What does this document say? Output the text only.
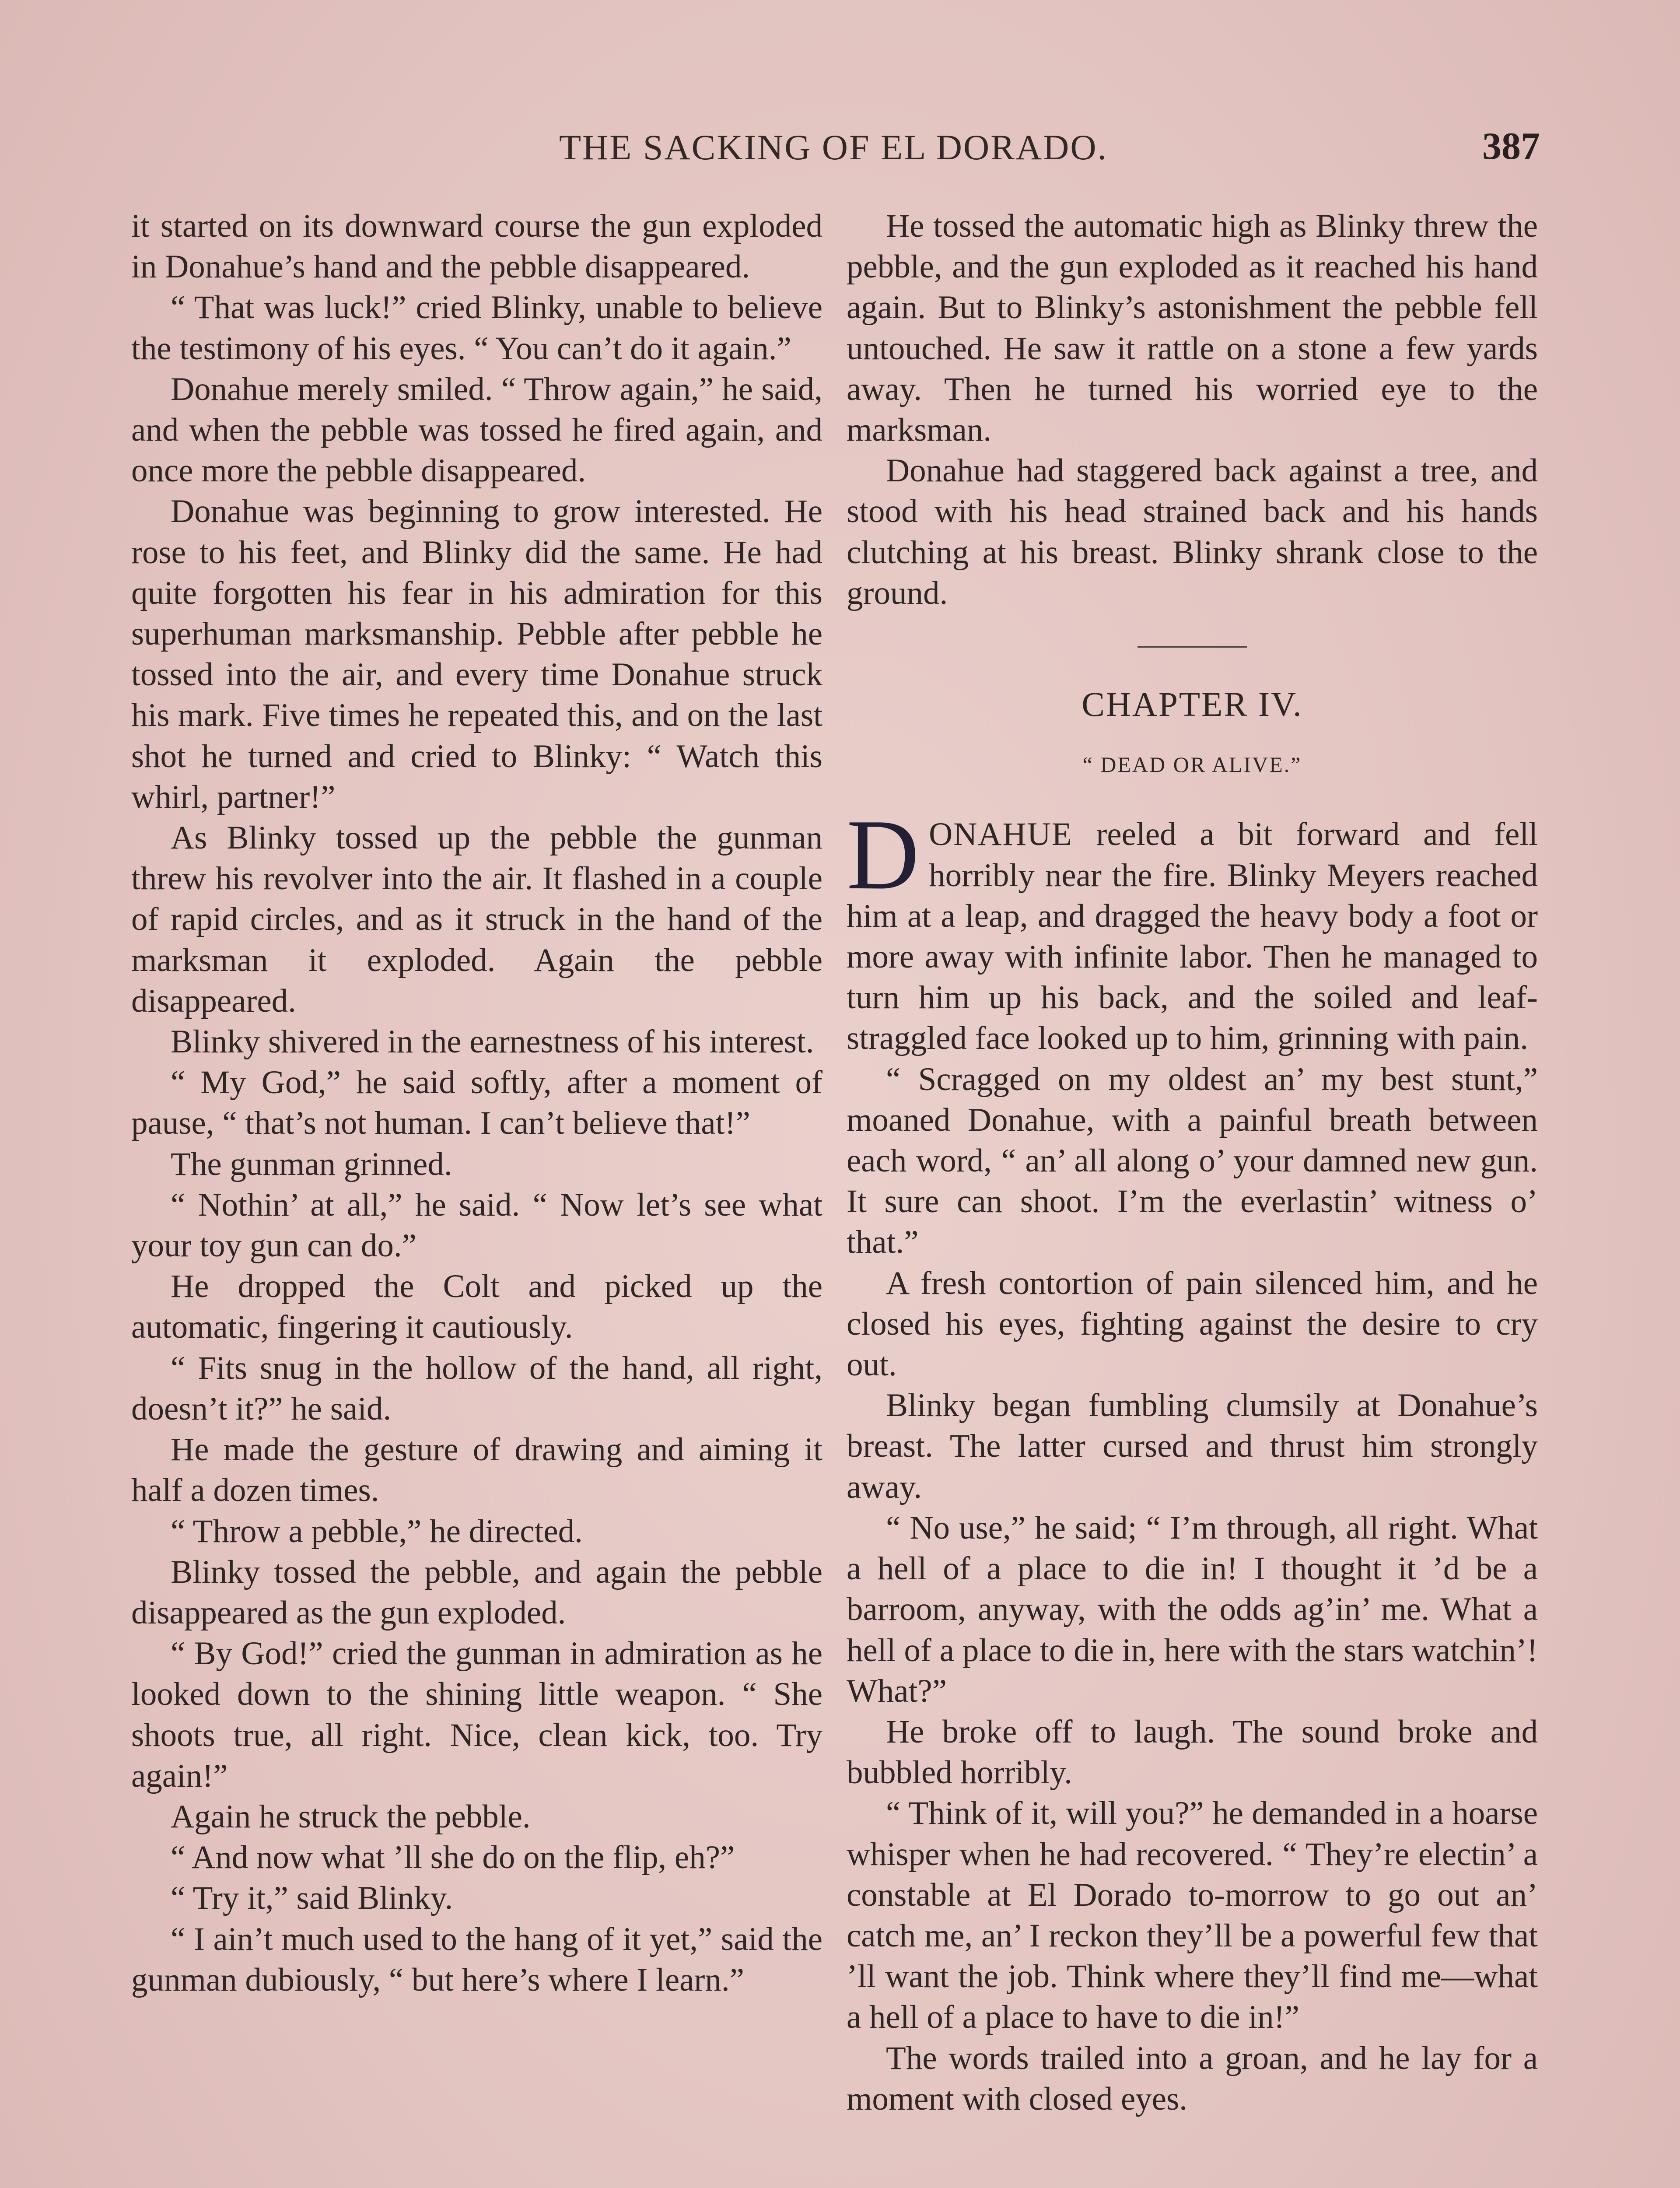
THE SACKING OF EL DORADO.	387

it started on its downward course the gun exploded in Donahue’s hand and the pebble disappeared.

“ That was luck!” cried Blinky, unable to believe the testimony of his eyes. “ You can’t do it again.”

Donahue merely smiled. “ Throw again,” he said, and when the pebble was tossed he fired again, and once more the pebble disappeared.

Donahue was beginning to grow interested. He rose to his feet, and Blinky did the same. He had quite forgotten his fear in his admiration for this superhuman marksmanship. Pebble after pebble he tossed into the air, and every time Donahue struck his mark. Five times he repeated this, and on the last shot he turned and cried to Blinky: “ Watch this whirl, partner!”

As Blinky tossed up the pebble the gunman threw his revolver into the air. It flashed in a couple of rapid circles, and as it struck in the hand of the marksman it exploded. Again the pebble disappeared.

Blinky shivered in the earnestness of his interest.

“ My God,” he said softly, after a moment of pause, “ that’s not human. I can’t believe that!”

The gunman grinned.

“ Nothin’ at all,” he said. “ Now let’s see what your toy gun can do.”

He dropped the Colt and picked up the automatic, fingering it cautiously.

“ Fits snug in the hollow of the hand, all right, doesn’t it?” he said.

He made the gesture of drawing and aiming it half a dozen times.

“ Throw a pebble,” he directed.

Blinky tossed the pebble, and again the pebble disappeared as the gun exploded.

“ By God!” cried the gunman in admiration as he looked down to the shining little weapon. “ She shoots true, all right. Nice, clean kick, too. Try again!”

Again he struck the pebble.

“ And now what ’ll she do on the flip, eh?”

“ Try it,” said Blinky.

“ I ain’t much used to the hang of it yet,” said the gunman dubiously, “ but here’s where I learn.”

He tossed the automatic high as Blinky threw the pebble, and the gun exploded as it reached his hand again. But to Blinky’s astonishment the pebble fell untouched. He saw it rattle on a stone a few yards away. Then he turned his worried eye to the marksman.

Donahue had staggered back against a tree, and stood with his head strained back and his hands clutching at his breast. Blinky shrank close to the ground.

CHAPTER IV.
“ DEAD OR ALIVE.”

DONAHUE reeled a bit forward and fell horribly near the fire. Blinky Meyers reached him at a leap, and dragged the heavy body a foot or more away with infinite labor. Then he managed to turn him up his back, and the soiled and leaf-straggled face looked up to him, grinning with pain.

“ Scragged on my oldest an’ my best stunt,” moaned Donahue, with a painful breath between each word, “ an’ all along o’ your damned new gun. It sure can shoot. I’m the everlastin’ witness o’ that.”

A fresh contortion of pain silenced him, and he closed his eyes, fighting against the desire to cry out.

Blinky began fumbling clumsily at Donahue’s breast. The latter cursed and thrust him strongly away.

“ No use,” he said; “ I’m through, all right. What a hell of a place to die in! I thought it ’d be a barroom, anyway, with the odds ag’in’ me. What a hell of a place to die in, here with the stars watchin’! What?”

He broke off to laugh. The sound broke and bubbled horribly.

“ Think of it, will you?” he demanded in a hoarse whisper when he had recovered. “ They’re electin’ a constable at El Dorado to-morrow to go out an’ catch me, an’ I reckon they’ll be a powerful few that ’ll want the job. Think where they’ll find me—what a hell of a place to have to die in!”

The words trailed into a groan, and he lay for a moment with closed eyes.
